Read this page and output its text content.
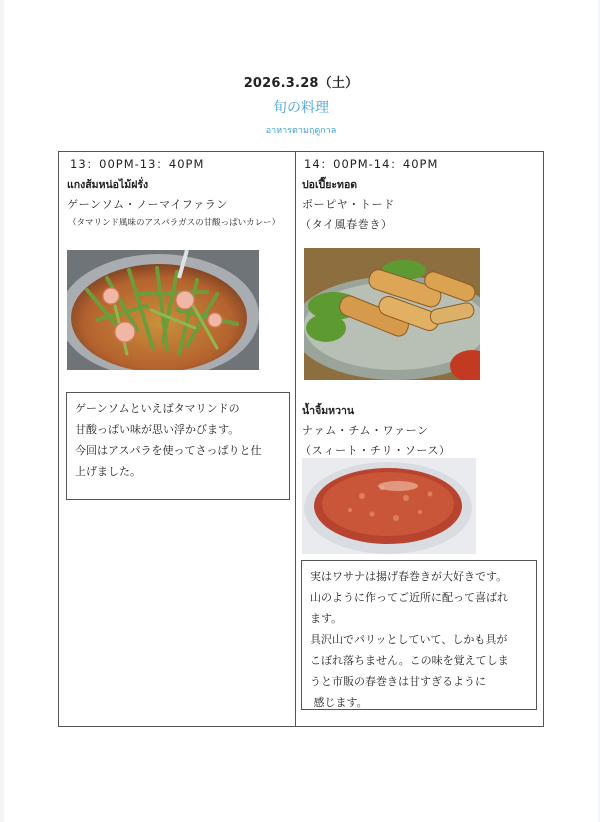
2026.3.28（土）
旬の料理
อาหารตามฤดูกาล
13：00PM-13：40PM
แกงส้มหน่อไม้ฝรั่ง
ゲーンソム・ノーマイファラン
（タマリンド風味のアスパラガスの甘酸っぱいカレー）
ゲーンソムといえばタマリンドの
甘酸っぱい味が思い浮かびます。
今回はアスパラを使ってさっぱりと仕
上げました。
14：00PM-14：40PM
ปอเปี๊ยะทอด
ポーピヤ・トード
（タイ風春巻き）
น้ำจิ้มหวาน
ナァム・チム・ワァーン
（スィート・チリ・ソース）
実はワサナは揚げ春巻きが大好きです。
山のように作ってご近所に配って喜ばれ
ます。
具沢山でパリッとしていて、しかも具が
こぼれ落ちません。この味を覚えてしま
うと市販の春巻きは甘すぎるように
感じます。
